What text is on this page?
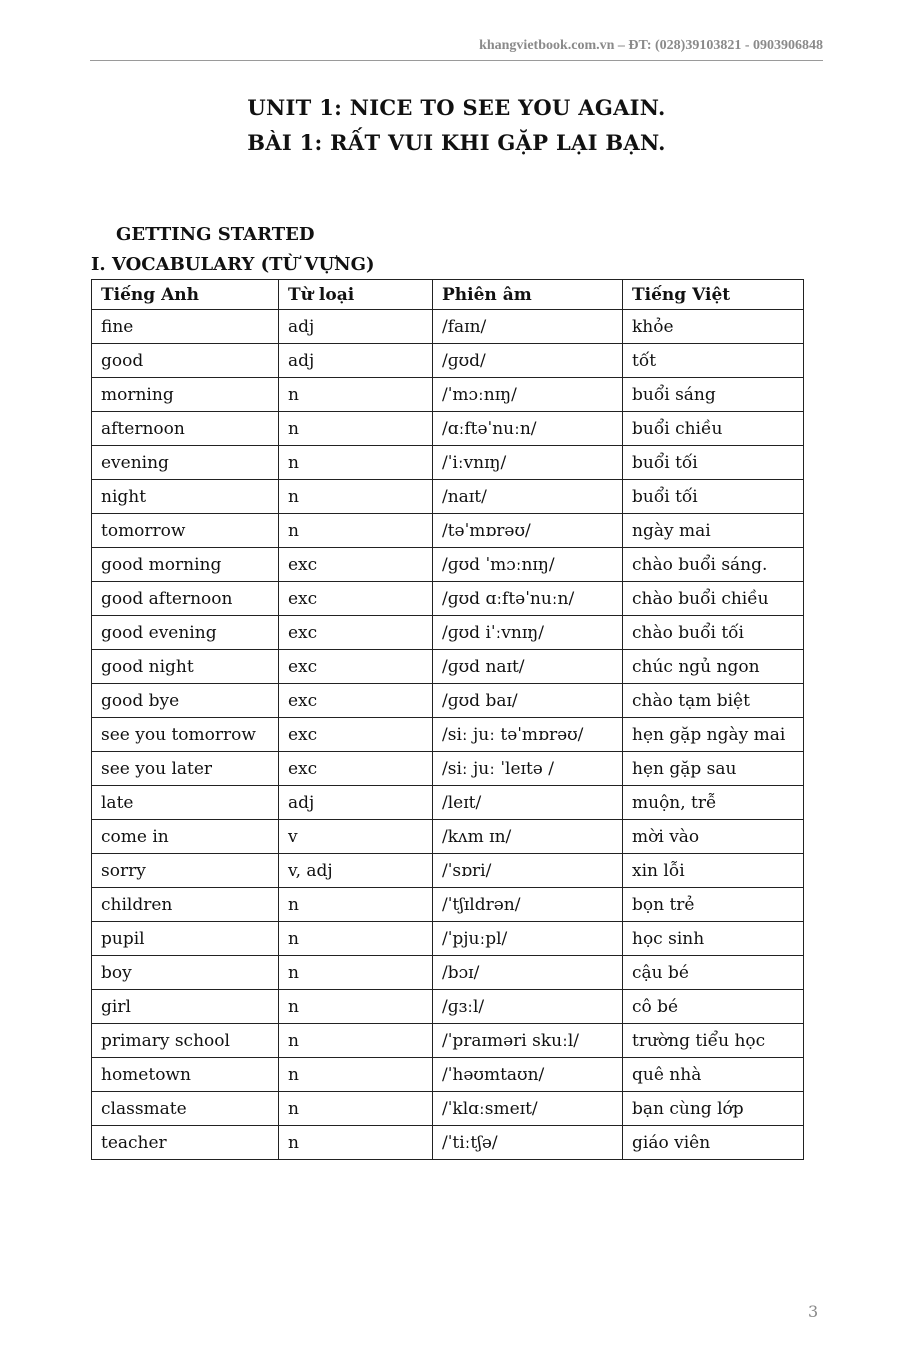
khangvietbook.com.vn – ĐT: (028)39103821 - 0903906848
UNIT 1: NICE TO SEE YOU AGAIN.
BÀI 1: RẤT VUI KHI GẶP LẠI BẠN.
GETTING STARTED
I. VOCABULARY (TỪ VỰNG)
Tiếng Anh	Từ loại	Phiên âm	Tiếng Việt
fine	adj	/faɪn/	khỏe
good	adj	/ɡʊd/	tốt
morning	n	/ˈmɔːnɪŋ/	buổi sáng
afternoon	n	/ɑːftəˈnuːn/	buổi chiều
evening	n	/ˈiːvnɪŋ/	buổi tối
night	n	/naɪt/	buổi tối
tomorrow	n	/təˈmɒrəʊ/	ngày mai
good morning	exc	/ɡʊd ˈmɔːnɪŋ/	chào buổi sáng.
good afternoon	exc	/ɡʊd ɑːftəˈnuːn/	chào buổi chiều
good evening	exc	/ɡʊd iˈːvnɪŋ/	chào buổi tối
good night	exc	/ɡʊd naɪt/	chúc ngủ ngon
good bye	exc	/ɡʊd baɪ/	chào tạm biệt
see you tomorrow	exc	/siː juː təˈmɒrəʊ/	hẹn gặp ngày mai
see you later	exc	/siː juː ˈleɪtə /	hẹn gặp sau
late	adj	/leɪt/	muộn, trễ
come in	v	/kʌm ɪn/	mời vào
sorry	v, adj	/ˈsɒri/	xin lỗi
children	n	/ˈtʃɪldrən/	bọn trẻ
pupil	n	/ˈpjuːpl/	học sinh
boy	n	/bɔɪ/	cậu bé
girl	n	/ɡɜːl/	cô bé
primary school	n	/ˈpraɪməri skuːl/	trường tiểu học
hometown	n	/ˈhəʊmtaʊn/	quê nhà
classmate	n	/ˈklɑːsmeɪt/	bạn cùng lớp
teacher	n	/ˈtiːtʃə/	giáo viên
3
